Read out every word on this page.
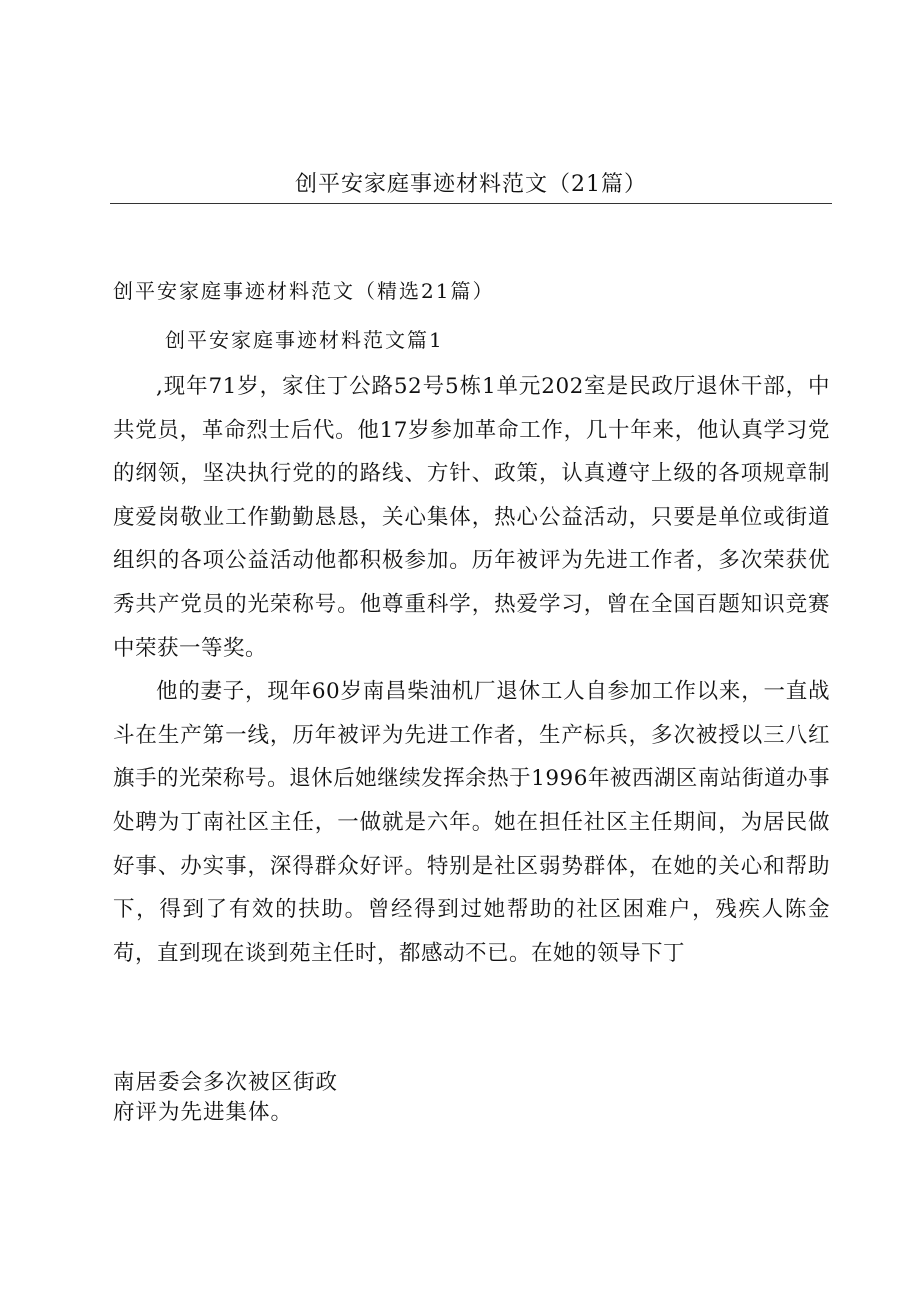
创平安家庭事迹材料范文（21篇）

创平安家庭事迹材料范文（精选21篇）

创平安家庭事迹材料范文篇1

,现年71岁，家住丁公路52号5栋1单元202室是民政厅退休干部，中共党员，革命烈士后代。他17岁参加革命工作，几十年来，他认真学习党的纲领，坚决执行党的的路线、方针、政策，认真遵守上级的各项规章制度爱岗敬业工作勤勤恳恳，关心集体，热心公益活动，只要是单位或街道组织的各项公益活动他都积极参加。历年被评为先进工作者，多次荣获优秀共产党员的光荣称号。他尊重科学，热爱学习，曾在全国百题知识竞赛中荣获一等奖。

他的妻子，现年60岁南昌柴油机厂退休工人自参加工作以来，一直战斗在生产第一线，历年被评为先进工作者，生产标兵，多次被授以三八红旗手的光荣称号。退休后她继续发挥余热于1996年被西湖区南站街道办事处聘为丁南社区主任，一做就是六年。她在担任社区主任期间，为居民做好事、办实事，深得群众好评。特别是社区弱势群体，在她的关心和帮助下，得到了有效的扶助。曾经得到过她帮助的社区困难户，残疾人陈金苟，直到现在谈到苑主任时，都感动不已。在她的领导下丁

南居委会多次被区街政

府评为先进集体。
